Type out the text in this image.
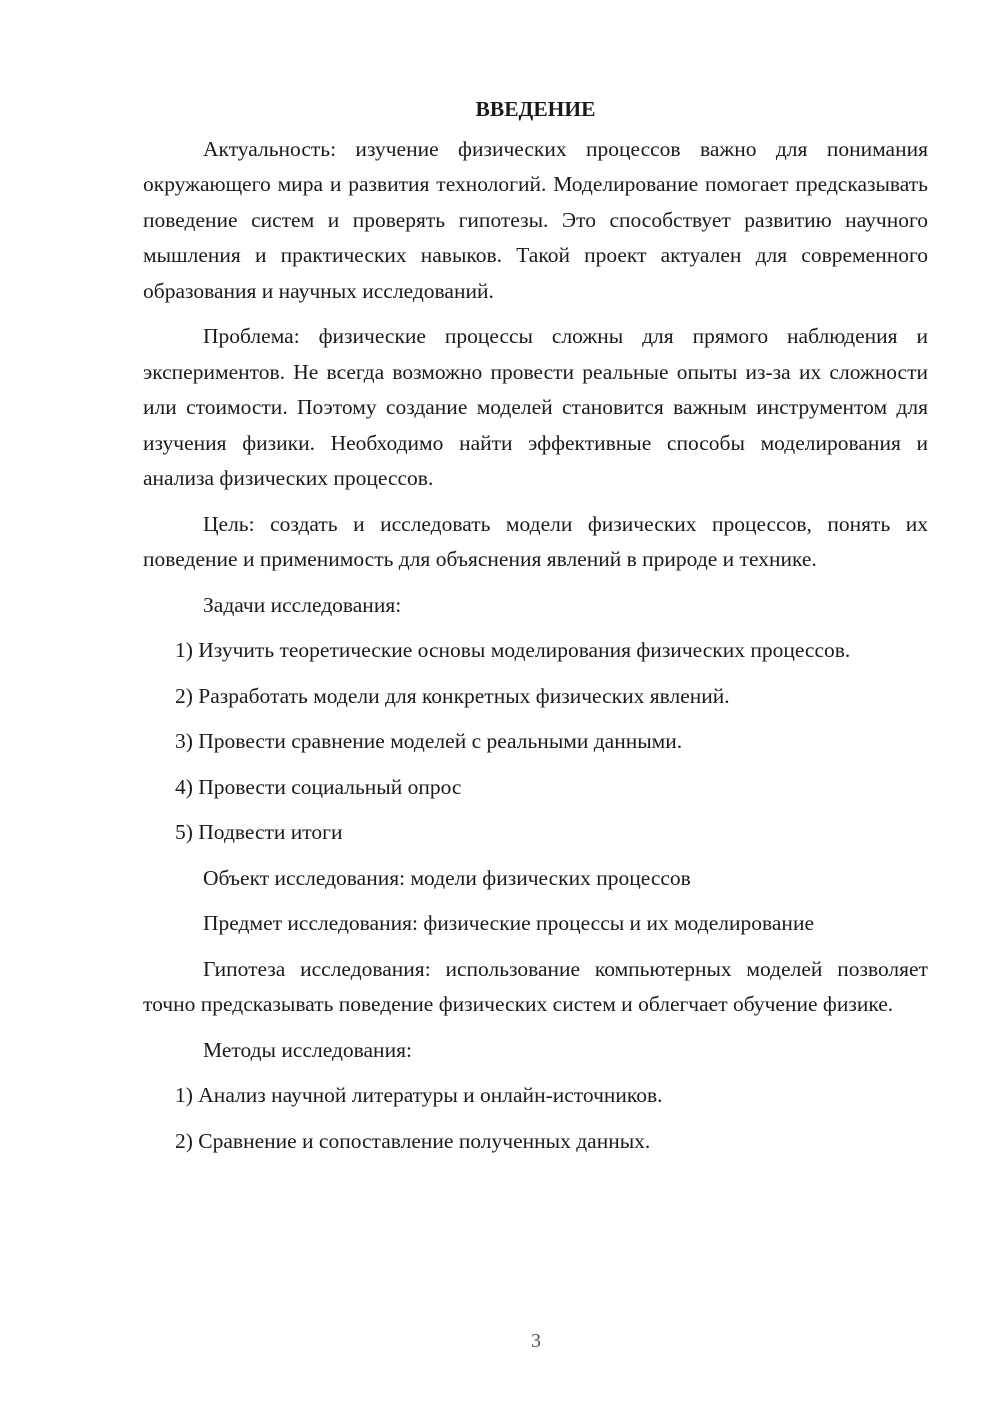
ВВЕДЕНИЕ

Актуальность: изучение физических процессов важно для понимания окружающего мира и развития технологий. Моделирование помогает предсказывать поведение систем и проверять гипотезы. Это способствует развитию научного мышления и практических навыков. Такой проект актуален для современного образования и научных исследований.

Проблема: физические процессы сложны для прямого наблюдения и экспериментов. Не всегда возможно провести реальные опыты из-за их сложности или стоимости. Поэтому создание моделей становится важным инструментом для изучения физики. Необходимо найти эффективные способы моделирования и анализа физических процессов.

Цель: создать и исследовать модели физических процессов, понять их поведение и применимость для объяснения явлений в природе и технике.

Задачи исследования:

1) Изучить теоретические основы моделирования физических процессов.

2) Разработать модели для конкретных физических явлений.

3) Провести сравнение моделей с реальными данными.

4) Провести социальный опрос

5) Подвести итоги

Объект исследования: модели физических процессов

Предмет исследования: физические процессы и их моделирование

Гипотеза исследования: использование компьютерных моделей позволяет точно предсказывать поведение физических систем и облегчает обучение физике.

Методы исследования:

1) Анализ научной литературы и онлайн-источников.

2) Сравнение и сопоставление полученных данных.

3
